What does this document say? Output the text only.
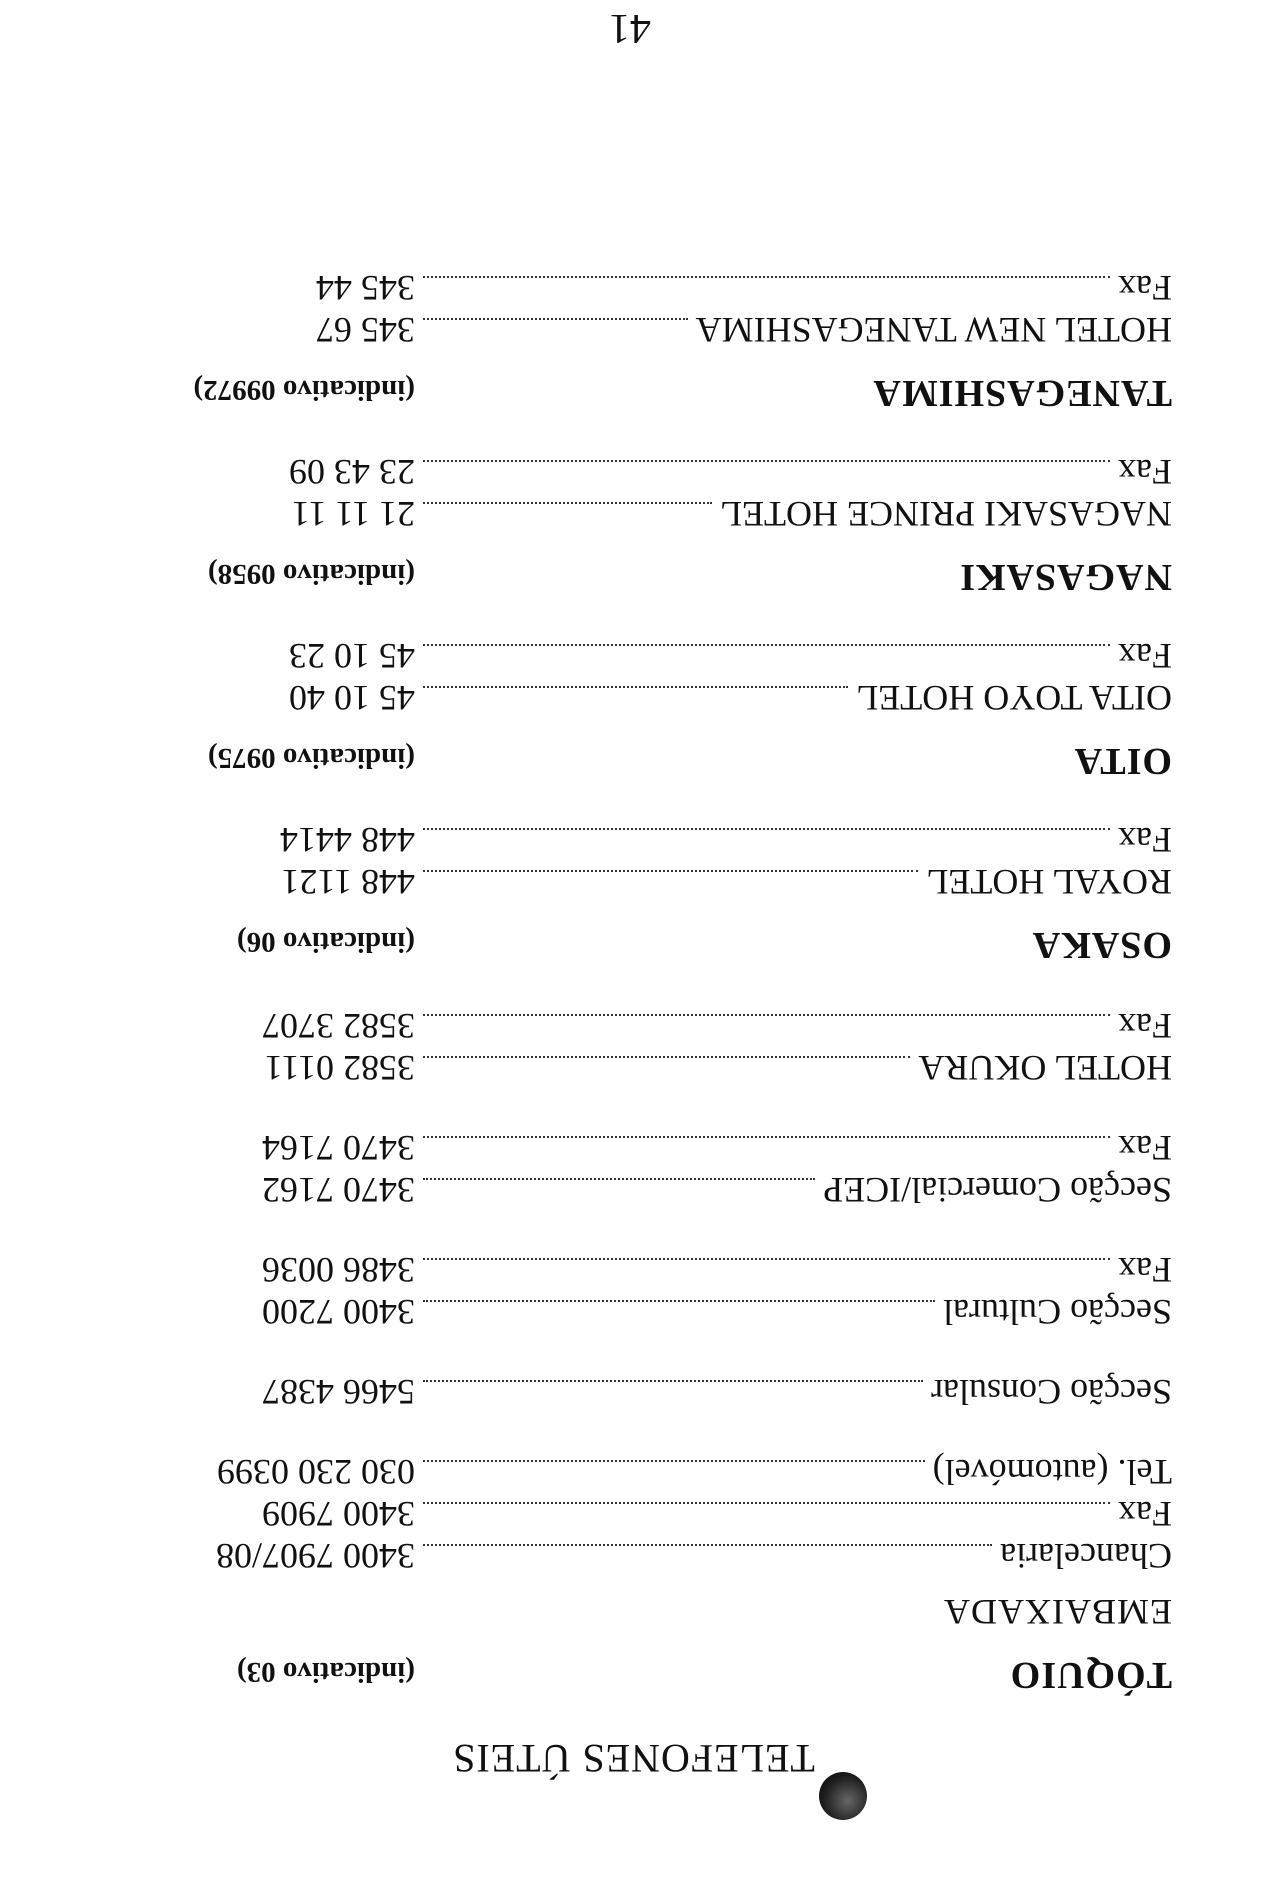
TELEFONES ÚTEIS
TÓQUIO
(indicativo 03)
EMBAIXADA
Chancelaria
3400 7907/08
Fax
3400 7909
Tel. (automóvel)
030 230 0399
Secção Consular
5466 4387
Secção Cultural
3400 7200
Fax
3486 0036
Secção Comercial/ICEP
3470 7162
Fax
3470 7164
HOTEL OKURA
3582 0111
Fax
3582 3707
OSAKA
(indicativo 06)
ROYAL HOTEL
448 1121
Fax
448 4414
OITA
(indicativo 0975)
OITA TOYO HOTEL
45 10 40
Fax
45 10 23
NAGASAKI
(indicativo 0958)
NAGASAKI PRINCE HOTEL
21 11 11
Fax
23 43 09
TANEGASHIMA
(indicativo 09972)
HOTEL NEW TANEGASHIMA
345 67
Fax
345 44
41
